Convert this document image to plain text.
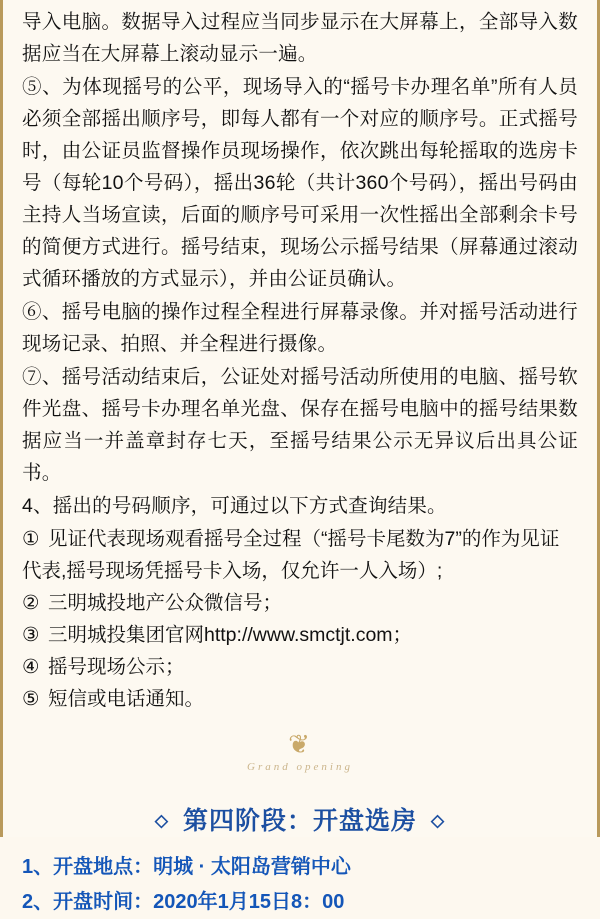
导入电脑。数据导入过程应当同步显示在大屏幕上，全部导入数据应当在大屏幕上滚动显示一遍。

⑤、为体现摇号的公平，现场导入的“摇号卡办理名单”所有人员必须全部摇出顺序号，即每人都有一个对应的顺序号。正式摇号时，由公证员监督操作员现场操作，依次跳出每轮摇取的选房卡号（每轮10个号码），摇出36轮（共计360个号码），摇出号码由主持人当场宣读，后面的顺序号可采用一次性摇出全部剩余卡号的简便方式进行。摇号结束，现场公示摇号结果（屏幕通过滚动式循环播放的方式显示），并由公证员确认。

⑥、摇号电脑的操作过程全程进行屏幕录像。并对摇号活动进行现场记录、拍照、并全程进行摄像。

⑦、摇号活动结束后，公证处对摇号活动所使用的电脑、摇号软件光盘、摇号卡办理名单光盘、保存在摇号电脑中的摇号结果数据应当一并盖章封存七天，至摇号结果公示无异议后出具公证书。

4、摇出的号码顺序，可通过以下方式查询结果。

① 见证代表现场观看摇号全过程（“摇号卡尾数为7”的作为见证代表,摇号现场凭摇号卡入场，仅允许一人入场）;

② 三明城投地产公众微信号；

③ 三明城投集团官网http://www.smctjt.com；

④ 摇号现场公示；

⑤ 短信或电话通知。

❦
Grand opening
◇ 第四阶段：开盘选房 ◇

1、开盘地点：明城 · 太阳岛营销中心

2、开盘时间：2020年1月15日8：00
